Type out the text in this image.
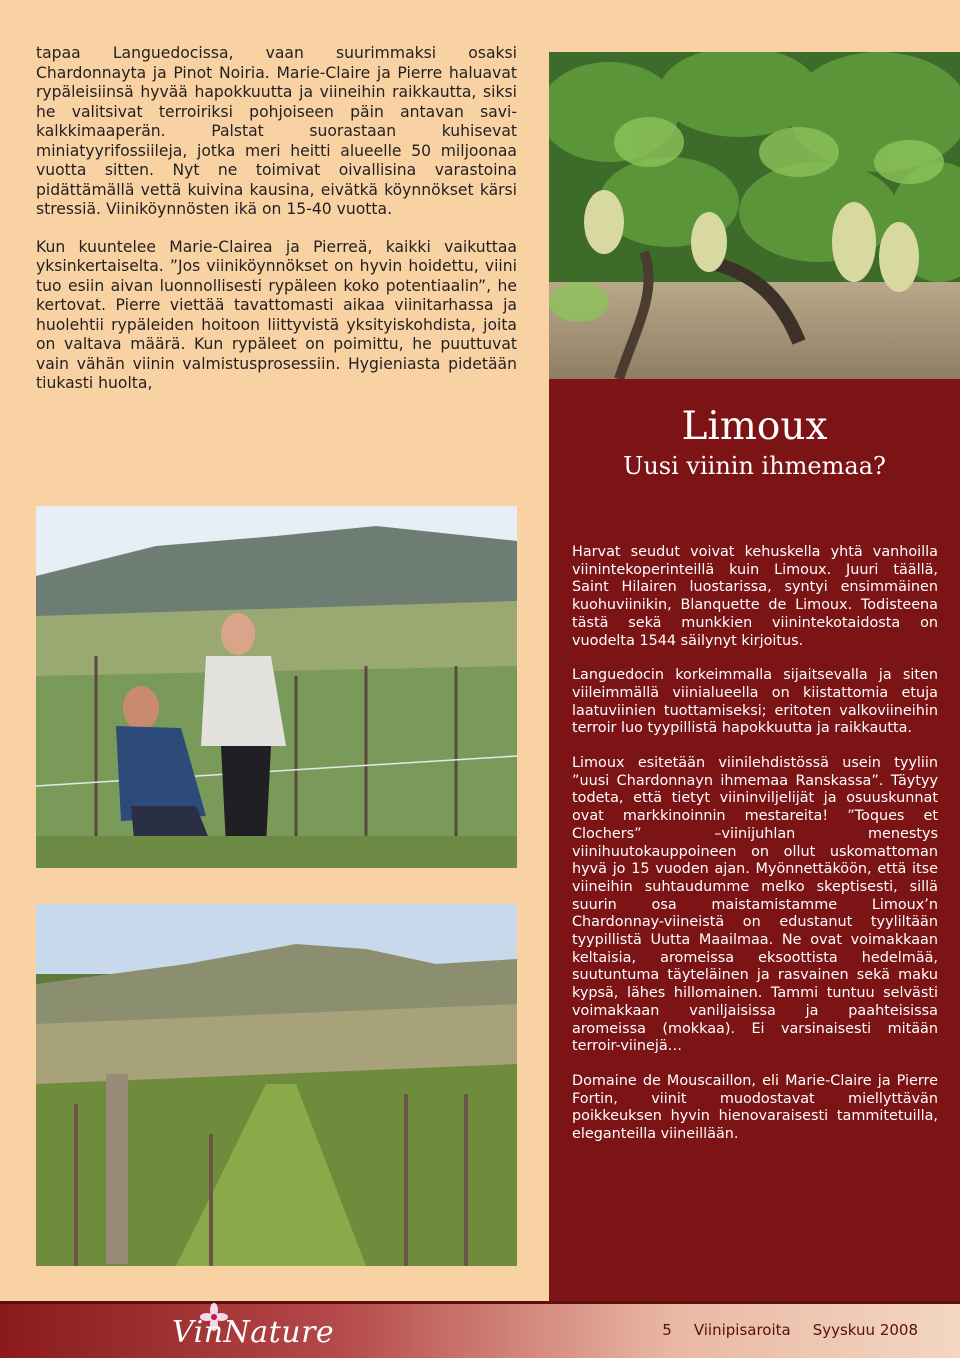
tapaa Languedocissa, vaan suurimmaksi osaksi Chardonnayta ja Pinot Noiria. Marie-Claire ja Pierre haluavat rypäleisiinsä hyvää hapokkuutta ja viineihin raikkautta, siksi he valitsivat terroiriksi pohjoiseen päin antavan savi-kalkkimaaperän. Palstat suorastaan kuhisevat miniatyyrifossiileja, jotka meri heitti alueelle 50 miljoonaa vuotta sitten. Nyt ne toimivat oivallisina varastoina pidättämällä vettä kuivina kausina, eivätkä köynnökset kärsi stressiä. Viiniköynnösten ikä on 15-40 vuotta.

Kun kuuntelee Marie-Clairea ja Pierreä, kaikki vaikuttaa yksinkertaiselta. ”Jos viiniköynnökset on hyvin hoidettu, viini tuo esiin aivan luonnollisesti rypäleen koko potentiaalin”, he kertovat. Pierre viettää tavattomasti aikaa viinitarhassa ja huolehtii rypäleiden hoitoon liittyvistä yksityiskohdista, joita on valtava määrä. Kun rypäleet on poimittu, he puuttuvat vain vähän viinin valmistusprosessiin. Hygieniasta pidetään tiukasti huolta,

Limoux
Uusi viinin ihmemaa?

Harvat seudut voivat kehuskella yhtä vanhoilla viinintekoperinteillä kuin Limoux. Juuri täällä, Saint Hilairen luostarissa, syntyi ensimmäinen kuohuviinikin, Blanquette de Limoux. Todisteena tästä sekä munkkien viinintekotaidosta on vuodelta 1544 säilynyt kirjoitus.

Languedocin korkeimmalla sijaitsevalla ja siten viileimmällä viinialueella on kiistattomia etuja laatuviinien tuottamiseksi; eritoten valkoviineihin terroir luo tyypillistä hapokkuutta ja raikkautta.

Limoux esitetään viinilehdistössä usein tyyliin ”uusi Chardonnayn ihmemaa Ranskassa”. Täytyy todeta, että tietyt viininviljelijät ja osuuskunnat ovat markkinoinnin mestareita! ”Toques et Clochers” –viinijuhlan menestys viinihuutokauppoineen on ollut uskomattoman hyvä jo 15 vuoden ajan. Myönnettäköön, että itse viineihin suhtaudumme melko skeptisesti, sillä suurin osa maistamistamme Limoux’n Chardonnay-viineistä on edustanut tyyliltään tyypillistä Uutta Maailmaa. Ne ovat voimakkaan keltaisia, aromeissa eksoottista hedelmää, suutuntuma täyteläinen ja rasvainen sekä maku kypsä, lähes hillomainen. Tammi tuntuu selvästi voimakkaan vaniljaisissa ja paahteisissa aromeissa (mokkaa). Ei varsinaisesti mitään terroir-viinejä…

Domaine de Mouscaillon, eli Marie-Claire ja Pierre Fortin, viinit muodostavat miellyttävän poikkeuksen hyvin hienovaraisesti tammitetuilla, eleganteilla viineillään.

VinNature	5 Viinipisaroita Syyskuu 2008
